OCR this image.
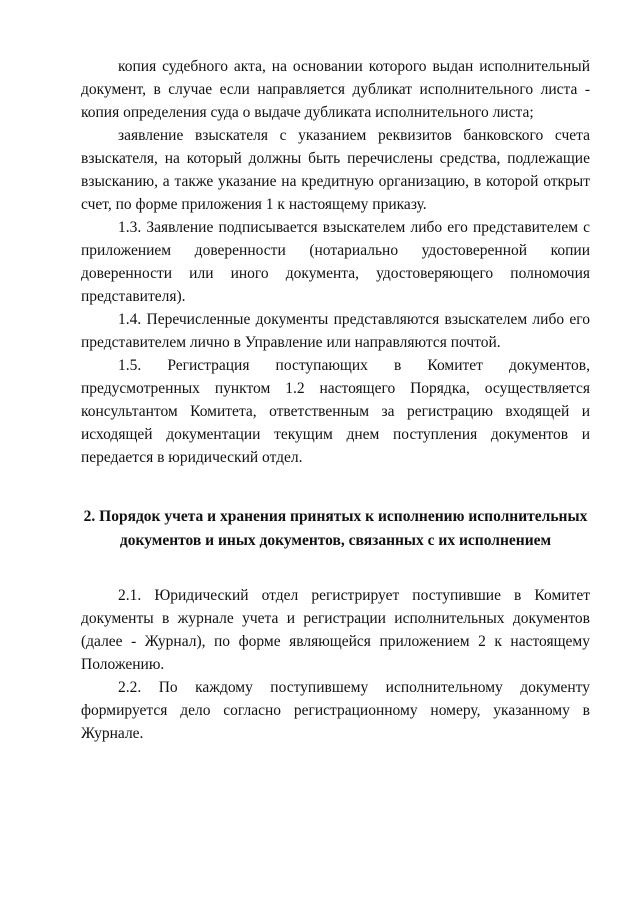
копия судебного акта, на основании которого выдан исполнительный документ, в случае если направляется дубликат исполнительного листа - копия определения суда о выдаче дубликата исполнительного листа;

заявление взыскателя с указанием реквизитов банковского счета взыскателя, на который должны быть перечислены средства, подлежащие взысканию, а также указание на кредитную организацию, в которой открыт счет, по форме приложения 1 к настоящему приказу.

1.3. Заявление подписывается взыскателем либо его представителем с приложением доверенности (нотариально удостоверенной копии доверенности или иного документа, удостоверяющего полномочия представителя).

1.4. Перечисленные документы представляются взыскателем либо его представителем лично в Управление или направляются почтой.

1.5. Регистрация поступающих в Комитет документов, предусмотренных пунктом 1.2 настоящего Порядка, осуществляется консультантом Комитета, ответственным за регистрацию входящей и исходящей документации текущим днем поступления документов и передается в юридический отдел.

2. Порядок учета и хранения принятых к исполнению исполнительных документов и иных документов, связанных с их исполнением

2.1. Юридический отдел регистрирует поступившие в Комитет документы в журнале учета и регистрации исполнительных документов (далее - Журнал), по форме являющейся приложением 2 к настоящему Положению.

2.2. По каждому поступившему исполнительному документу формируется дело согласно регистрационному номеру, указанному в Журнале.
